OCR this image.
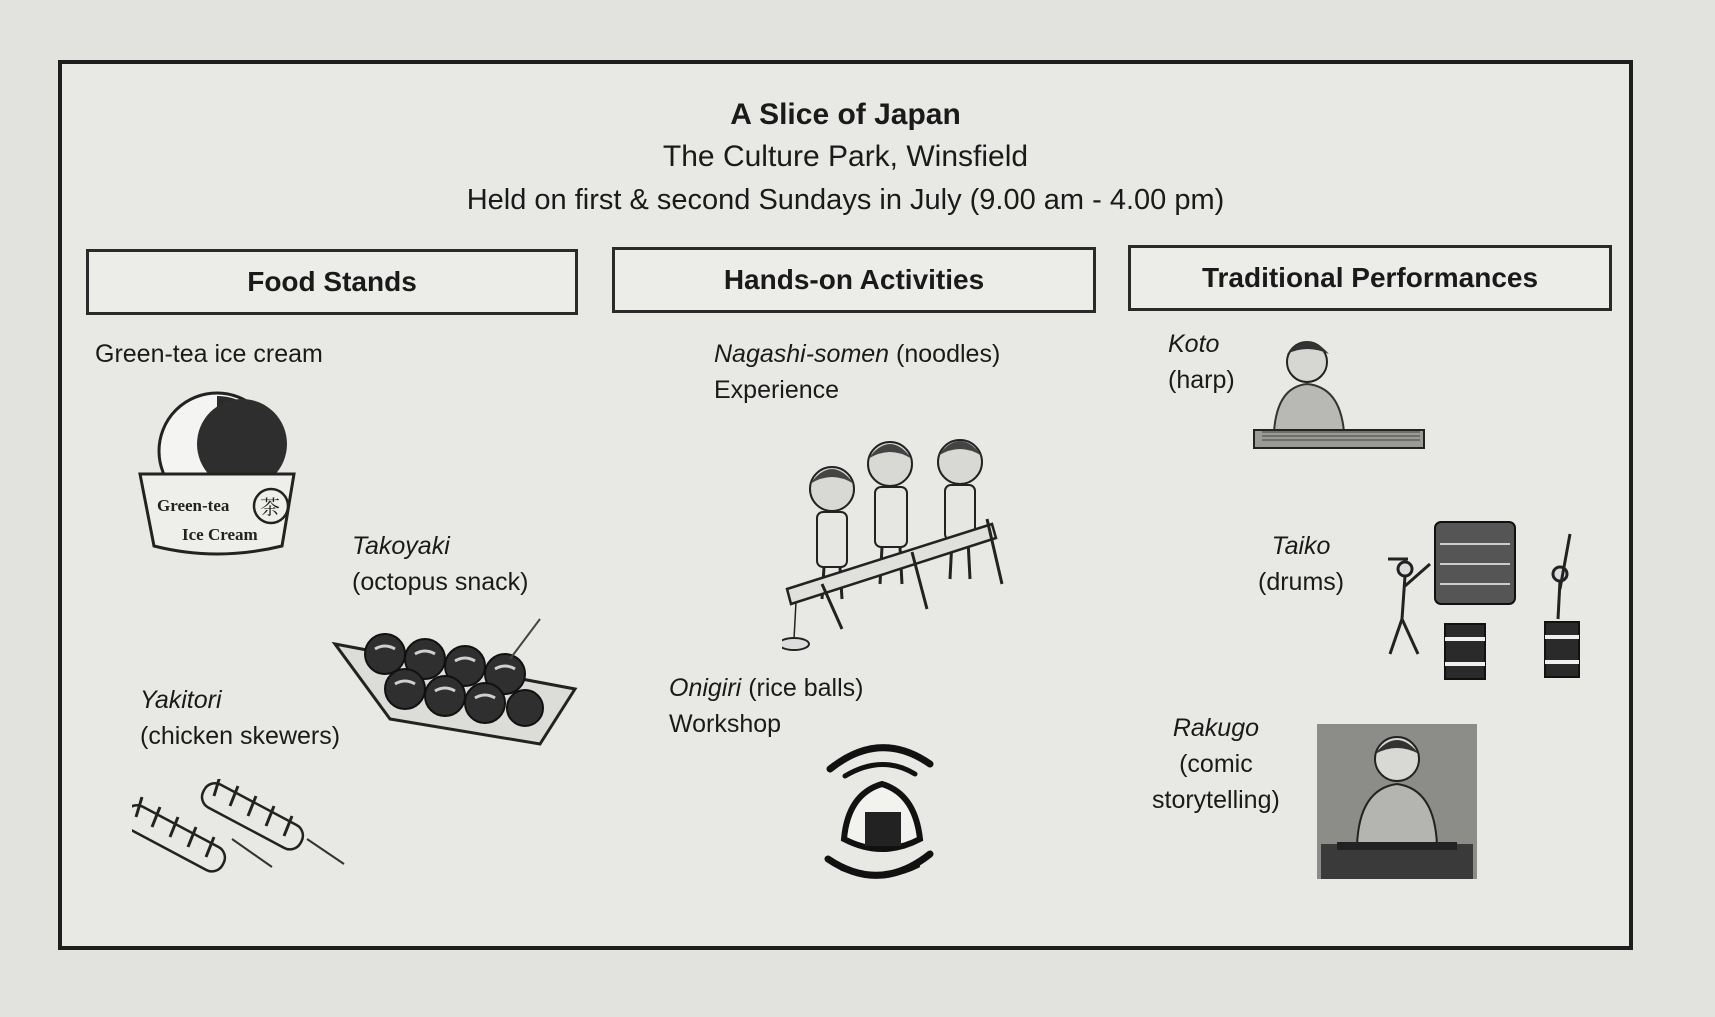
A Slice of Japan
The Culture Park, Winsfield
Held on first & second Sundays in July (9.00 am - 4.00 pm)
Food Stands	Hands-on Activities	Traditional Performances
Green-tea ice cream
Green-tea
Ice Cream
茶
Takoyaki
(octopus snack)
Yakitori
(chicken skewers)
Nagashi-somen (noodles)
Experience
Onigiri (rice balls)
Workshop
Koto
(harp)
Taiko
(drums)
Rakugo
(comic
storytelling)
